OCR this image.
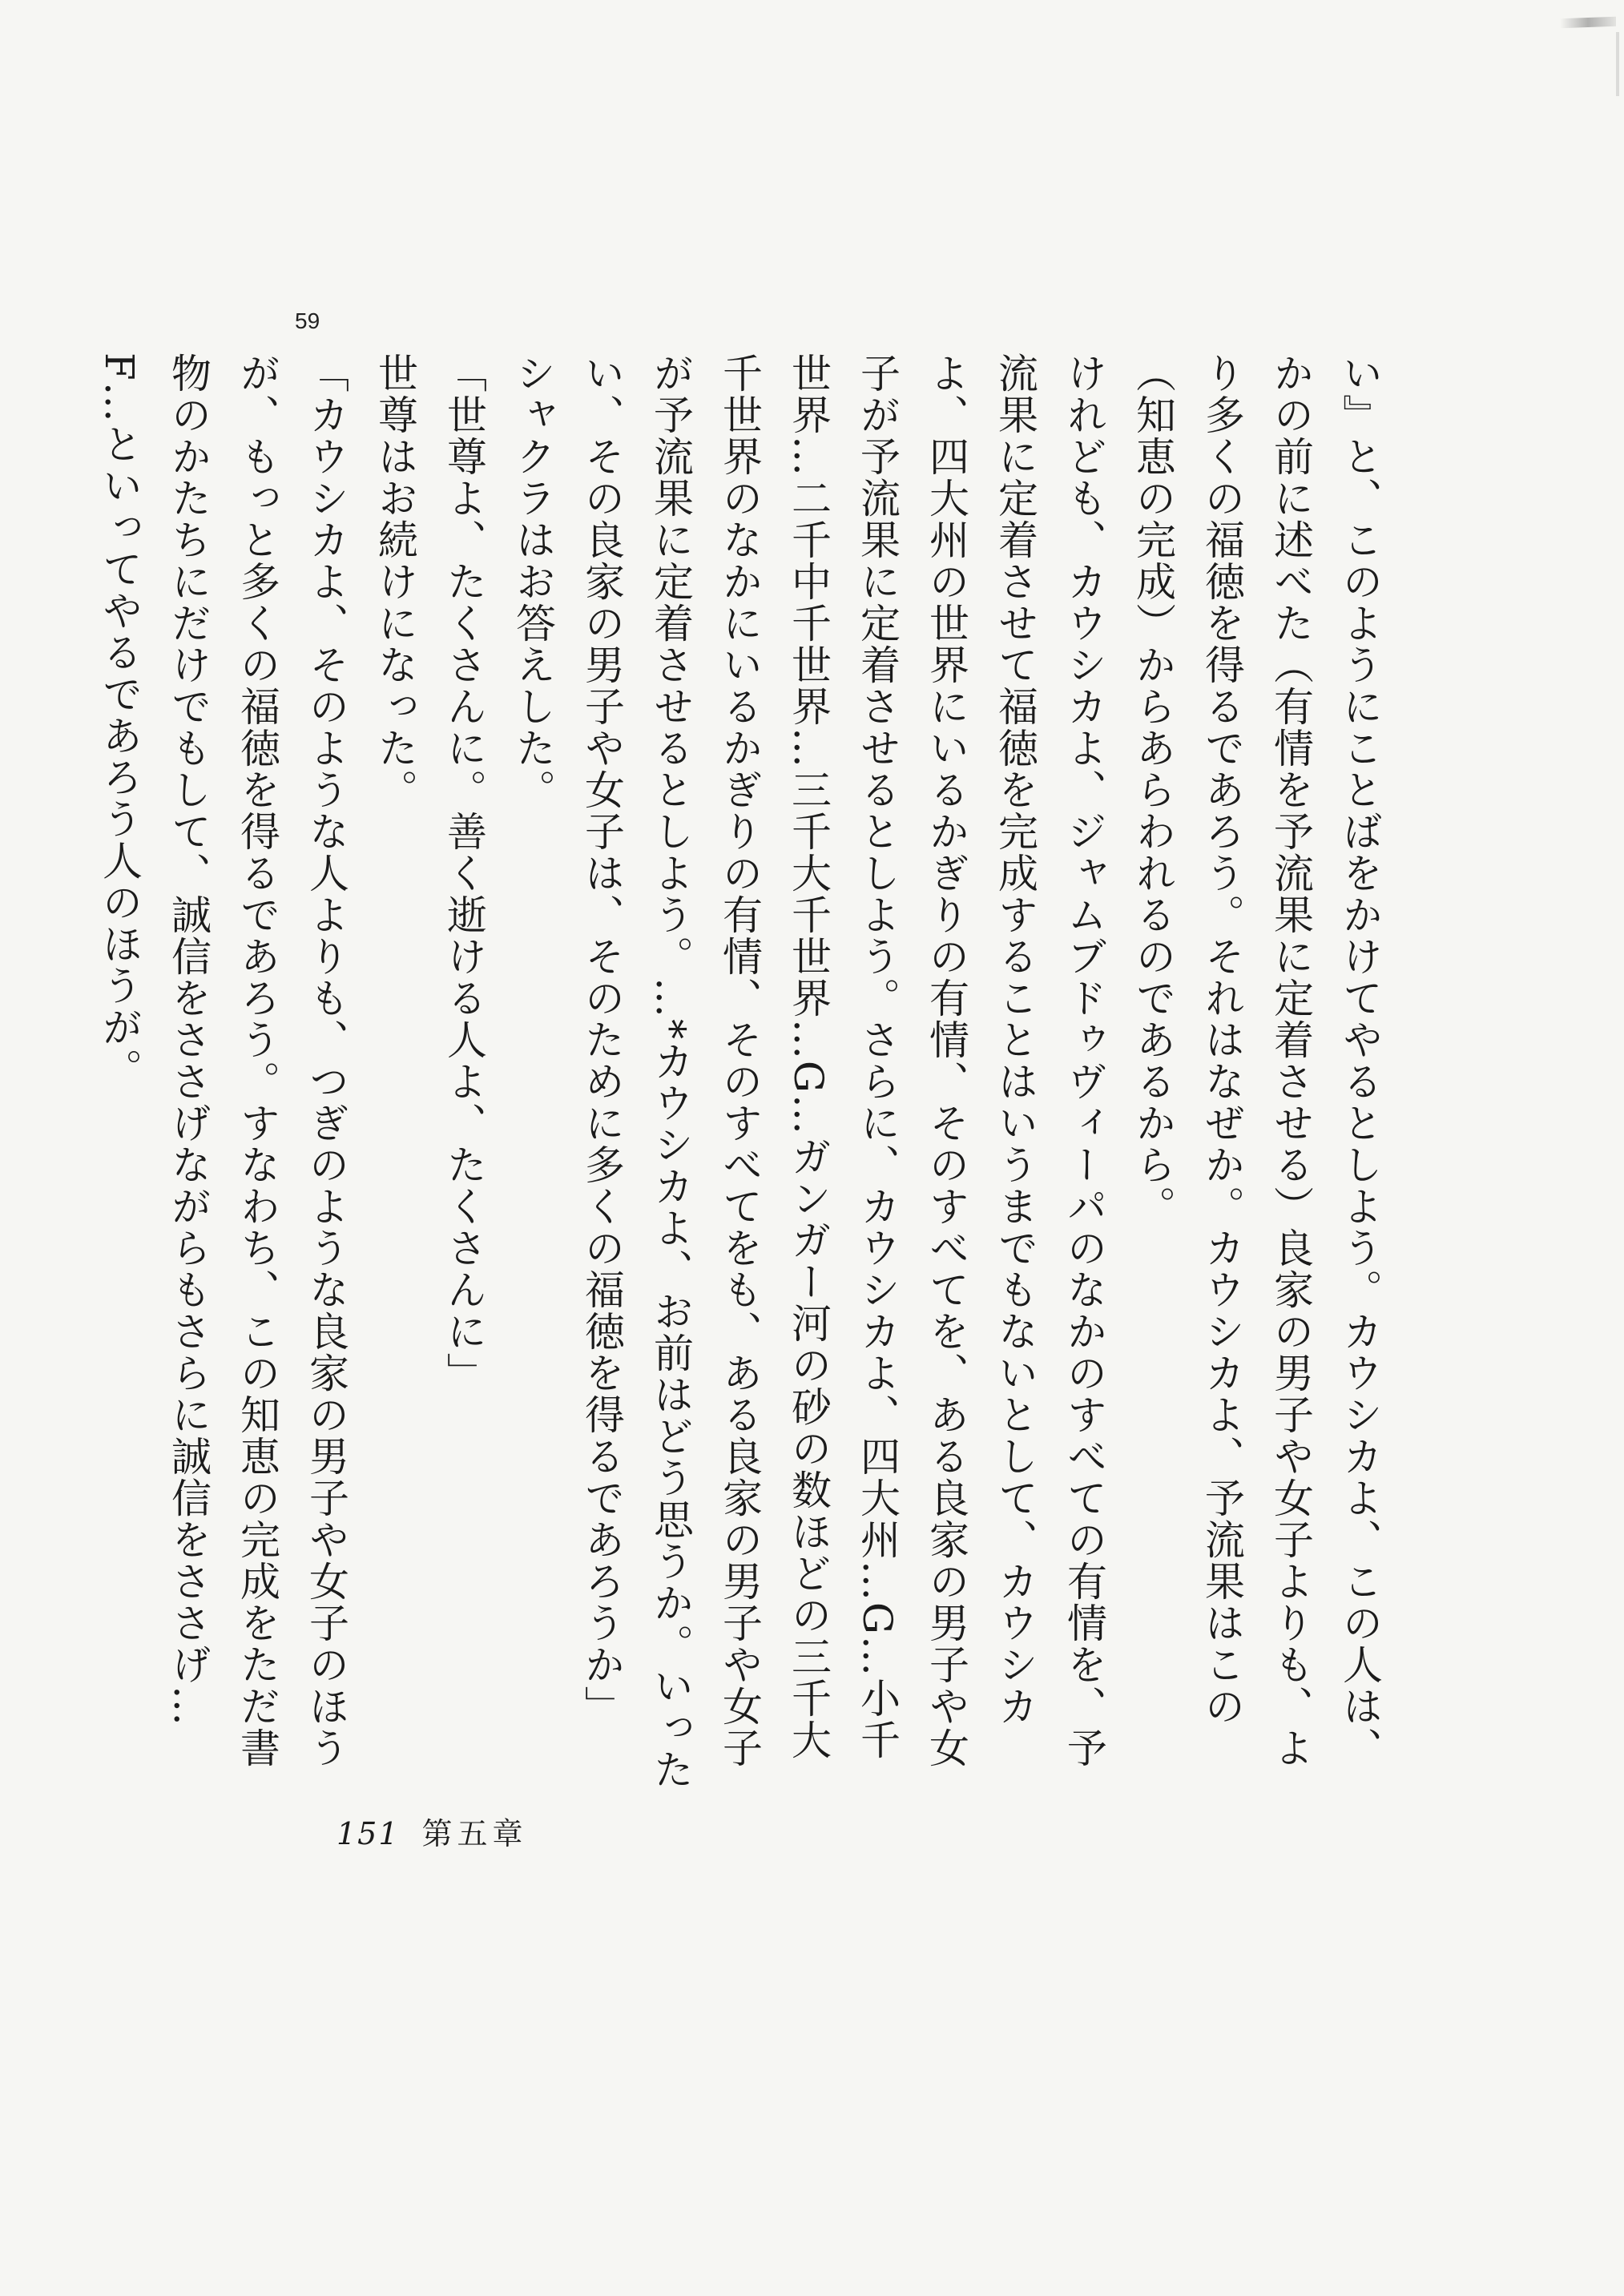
59

い』と、このようにことばをかけてやるとしよう。カウシカよ、この人は、かの前に述べた（有情を予流果に定着させる）良家の男子や女子よりも、より多くの福徳を得るであろう。それはなぜか。カウシカよ、予流果はこの（知恵の完成）からあらわれるのであるから。

けれども、カウシカよ、ジャムブドゥヴィーパのなかのすべての有情を、予流果に定着させて福徳を完成することはいうまでもないとして、カウシカよ、四大州の世界にいるかぎりの有情、そのすべてを、ある良家の男子や女子が予流果に定着させるとしよう。さらに、カウシカよ、四大州…G…小千世界…二千中千世界…三千大千世界…G…ガンガー河の砂の数ほどの三千大千世界のなかにいるかぎりの有情、そのすべてをも、ある良家の男子や女子が予流果に定着させるとしよう。…*カウシカよ、お前はどう思うか。いったい、その良家の男子や女子は、そのために多くの福徳を得るであろうか」

シャクラはお答えした。

「世尊よ、たくさんに。善く逝ける人よ、たくさんに」

世尊はお続けになった。

「カウシカよ、そのような人よりも、つぎのような良家の男子や女子のほうが、もっと多くの福徳を得るであろう。すなわち、この知恵の完成をただ書物のかたちにだけでもして、誠信をささげながらもさらに誠信をささげ…F…といってやるであろう人のほうが。

151 第五章
